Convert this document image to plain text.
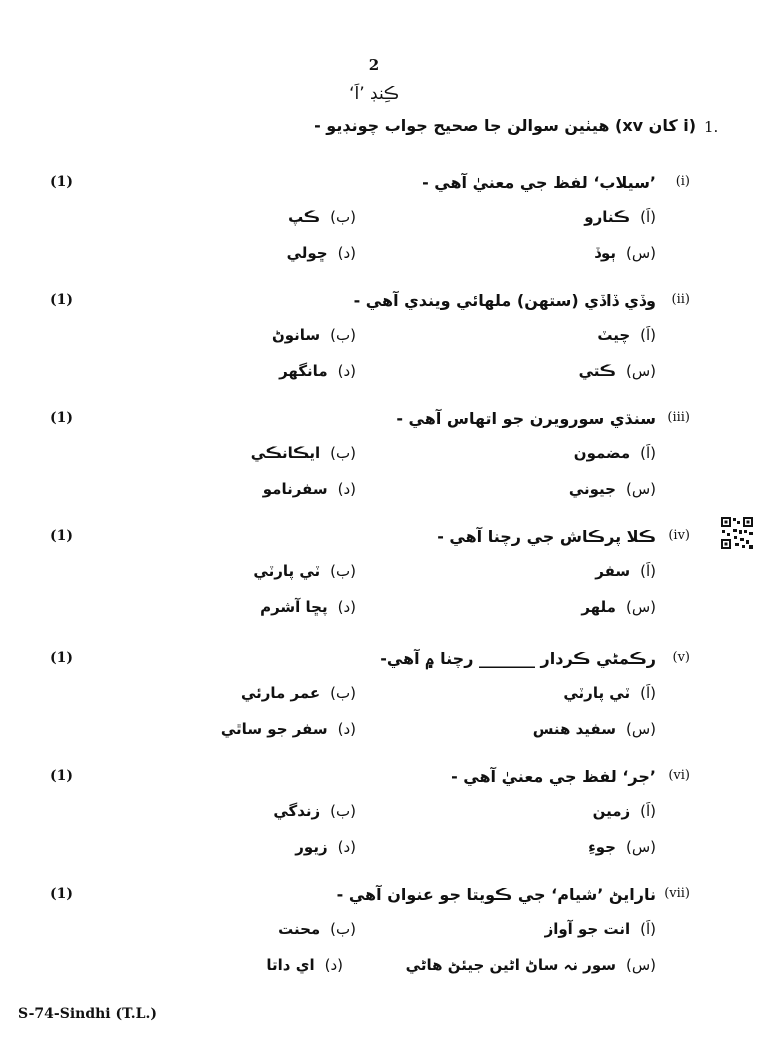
2
ڪِنڊ ’اَ‘
1.
(i کان xv) هيٺين سوالن جا صحيح جواب چونڊيو -
(1)	(i)
’سيلاب‘ لفظ جي معنيٰ آهي -
(اَ)ڪنارو
(ب)ڪپ
(س)ٻوڏ
(د)ڇولي
(1)	(ii)
وڏي ڏاڏي (ستهن) ملهائي ويندي آهي -
(اَ)چيٽ
(ب)سانوڻ
(س)ڪتي
(د)مانگهر
(1)	(iii)
سنڌي سورويرن جو اتهاس آهي -
(اَ)مضمون
(ب)ايڪانڪي
(س)جيوني
(د)سفرنامو
(1)	(iv)
ڪلا پرڪاش جي رچنا آهي -
(اَ)سفر
(ب)ٽي پارٽي
(س)ملهر
(د)پڇا آشرم
(1)	(v)
رڪمڻي ڪردار _______ رچنا ۾ آهي-
(اَ)ٽي پارٽي
(ب)عمر مارئي
(س)سفيد هنس
(د)سفر جو ساٿي
(1)	(vi)
’جر‘ لفظ جي معنيٰ آهي -
(اَ)زمين
(ب)زندگي
(س)جوءِ
(د)زيور
(1)	(vii)
نارايڻ ’شيام‘ جي ڪويتا جو عنوان آهي -
(اَ)انت جو آواز
(ب)محنت
(س)سور نہ ساڻ اڻين جيئڻ هاڻي
(د)اي داتا
S-74-Sindhi (T.L.)
